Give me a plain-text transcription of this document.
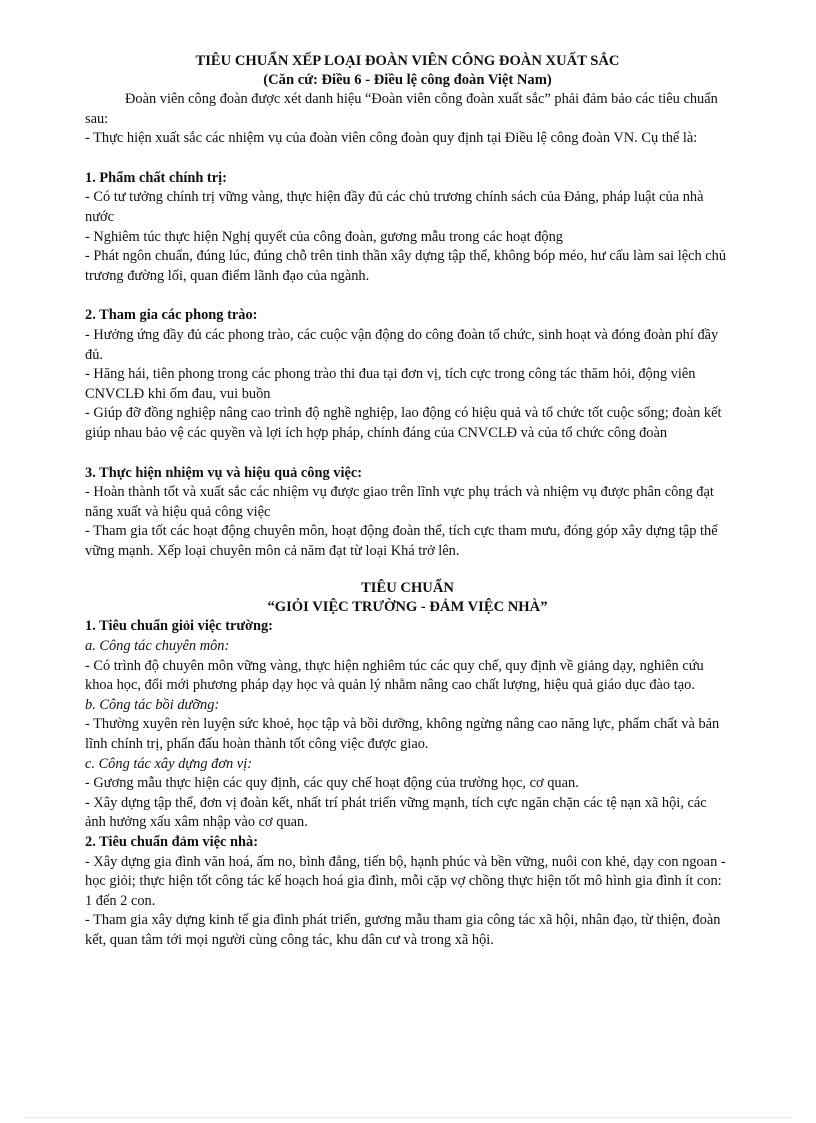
TIÊU CHUẨN XẾP LOẠI ĐOÀN VIÊN CÔNG ĐOÀN XUẤT SẮC
(Căn cứ: Điều 6 - Điều lệ công đoàn Việt Nam)

Đoàn viên công đoàn được xét danh hiệu “Đoàn viên công đoàn xuất sắc” phải đảm bảo các tiêu chuẩn sau:

- Thực hiện xuất sắc các nhiệm vụ của đoàn viên công đoàn quy định tại Điều lệ công đoàn VN. Cụ thể là:

1. Phẩm chất chính trị:

- Có tư tưởng chính trị vững vàng, thực hiện đầy đủ các chủ trương chính sách của Đảng, pháp luật của nhà nước

- Nghiêm túc thực hiện Nghị quyết của công đoàn, gương mẫu trong các hoạt động

- Phát ngôn chuẩn, đúng lúc, đúng chỗ trên tinh thần xây dựng tập thể, không bóp méo, hư cấu làm sai lệch chủ trương đường lối, quan điểm lãnh đạo của ngành.

2. Tham gia các phong trào:

- Hưởng ứng đầy đủ các phong trào, các cuộc vận động do công đoàn tổ chức, sinh hoạt và đóng đoàn phí đầy đủ.

- Hăng hái, tiên phong trong các phong trào thi đua tại đơn vị, tích cực trong công tác thăm hỏi, động viên CNVCLĐ khi ốm đau, vui buồn

- Giúp đỡ đồng nghiệp nâng cao trình độ nghề nghiệp, lao động có hiệu quả và tổ chức tốt cuộc sống; đoàn kết giúp nhau bảo vệ các quyền và lợi ích hợp pháp, chính đáng của CNVCLĐ và của tổ chức công đoàn

3. Thực hiện nhiệm vụ và hiệu quả công việc:

- Hoàn thành tốt và xuất sắc các nhiệm vụ được giao trên lĩnh vực phụ trách và nhiệm vụ được phân công đạt năng xuất và hiệu quả công việc

- Tham gia tốt các hoạt động chuyên môn, hoạt động đoàn thể, tích cực tham mưu, đóng góp xây dựng tập thể vững mạnh. Xếp loại chuyên môn cả năm đạt từ loại Khá trở lên.

TIÊU CHUẨN
“GIỎI VIỆC TRƯỜNG - ĐẢM VIỆC NHÀ”

1. Tiêu chuẩn giỏi việc trường:

a. Công tác chuyên môn:

- Có trình độ chuyên môn vững vàng, thực hiện nghiêm túc các quy chế, quy định về giảng dạy, nghiên cứu khoa học, đổi mới phương pháp dạy học và quản lý nhằm nâng cao chất lượng, hiệu quả giáo dục đào tạo.

b. Công tác bồi dưỡng:

- Thường xuyên rèn luyện sức khoẻ, học tập và bồi dưỡng, không ngừng nâng cao năng lực, phẩm chất và bản lĩnh chính trị, phấn đấu hoàn thành tốt công việc được giao.

c. Công tác xây dựng đơn vị:

- Gương mẫu thực hiện các quy định, các quy chế hoạt động của trường học, cơ quan.

- Xây dựng tập thể, đơn vị đoàn kết, nhất trí phát triển vững mạnh, tích cực ngăn chặn các tệ nạn xã hội, các ảnh hưởng xấu xâm nhập vào cơ quan.

2. Tiêu chuẩn đảm việc nhà:

- Xây dựng gia đình văn hoá, ấm no, bình đẳng, tiến bộ, hạnh phúc và bền vững, nuôi con khẻ, dạy con ngoan - học giỏi; thực hiện tốt công tác kế hoạch hoá gia đình, mỗi cặp vợ chồng thực hiện tốt mô hình gia đình ít con: 1 đến 2 con.

- Tham gia xây dựng kinh tế gia đình phát triển, gương mẫu tham gia công tác xã hội, nhân đạo, từ thiện, đoàn kết, quan tâm tới mọi người cùng công tác, khu dân cư và trong xã hội.
